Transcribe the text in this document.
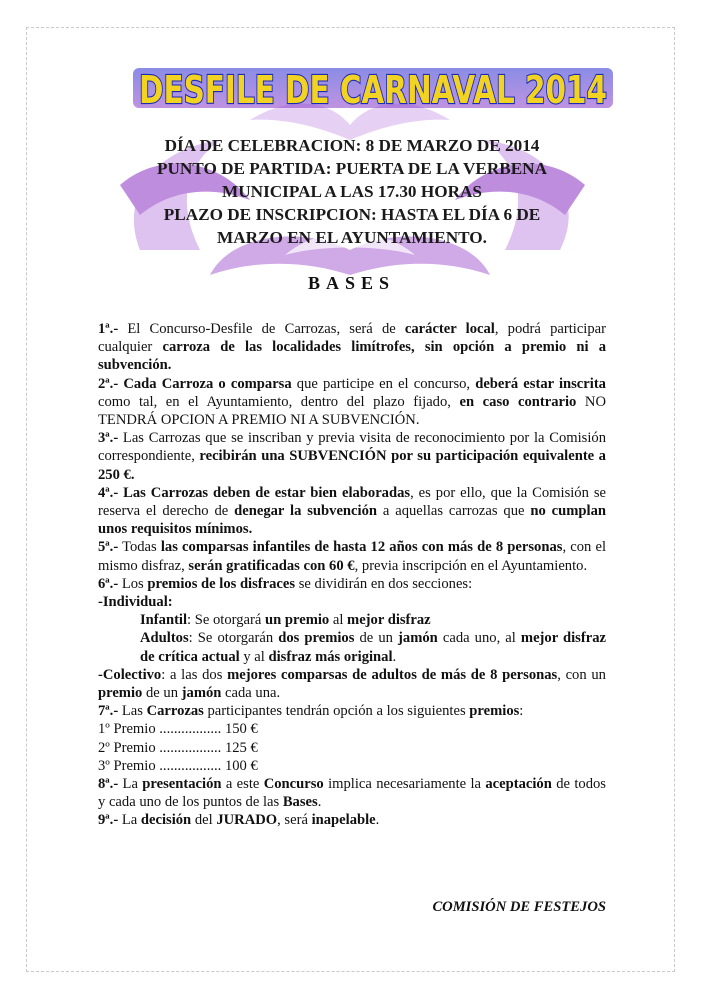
DESFILE DE CARNAVAL 2014
DÍA DE CELEBRACION: 8 DE MARZO DE 2014
PUNTO DE PARTIDA: PUERTA DE LA VERBENA
MUNICIPAL A LAS 17.30 HORAS
PLAZO DE INSCRIPCION: HASTA EL DÍA 6 DE
MARZO EN EL AYUNTAMIENTO.
BASES

1ª.- El Concurso-Desfile de Carrozas, será de carácter local, podrá participar cualquier carroza de las localidades limítrofes, sin opción a premio ni a subvención.

2ª.- Cada Carroza o comparsa que participe en el concurso, deberá estar inscrita como tal, en el Ayuntamiento, dentro del plazo fijado, en caso contrario NO TENDRÁ OPCION A PREMIO NI A SUBVENCIÓN.

3ª.- Las Carrozas que se inscriban y previa visita de reconocimiento por la Comisión correspondiente, recibirán una SUBVENCIÓN por su participación equivalente a 250 €.

4ª.- Las Carrozas deben de estar bien elaboradas, es por ello, que la Comisión se reserva el derecho de denegar la subvención a aquellas carrozas que no cumplan unos requisitos mínimos.

5ª.- Todas las comparsas infantiles de hasta 12 años con más de 8 personas, con el mismo disfraz, serán gratificadas con 60 €, previa inscripción en el Ayuntamiento.

6ª.- Los premios de los disfraces se dividirán en dos secciones:

-Individual:

Infantil: Se otorgará un premio al mejor disfraz

Adultos: Se otorgarán dos premios de un jamón cada uno, al mejor disfraz de crítica actual y al disfraz más original.

-Colectivo: a las dos mejores comparsas de adultos de más de 8 personas, con un premio de un jamón cada una.

7ª.- Las Carrozas participantes tendrán opción a los siguientes premios:

1º Premio ................. 150 €

2º Premio ................. 125 €

3º Premio ................. 100 €

8ª.- La presentación a este Concurso implica necesariamente la aceptación de todos y cada uno de los puntos de las Bases.

9ª.- La decisión del JURADO, será inapelable.

COMISIÓN DE FESTEJOS
